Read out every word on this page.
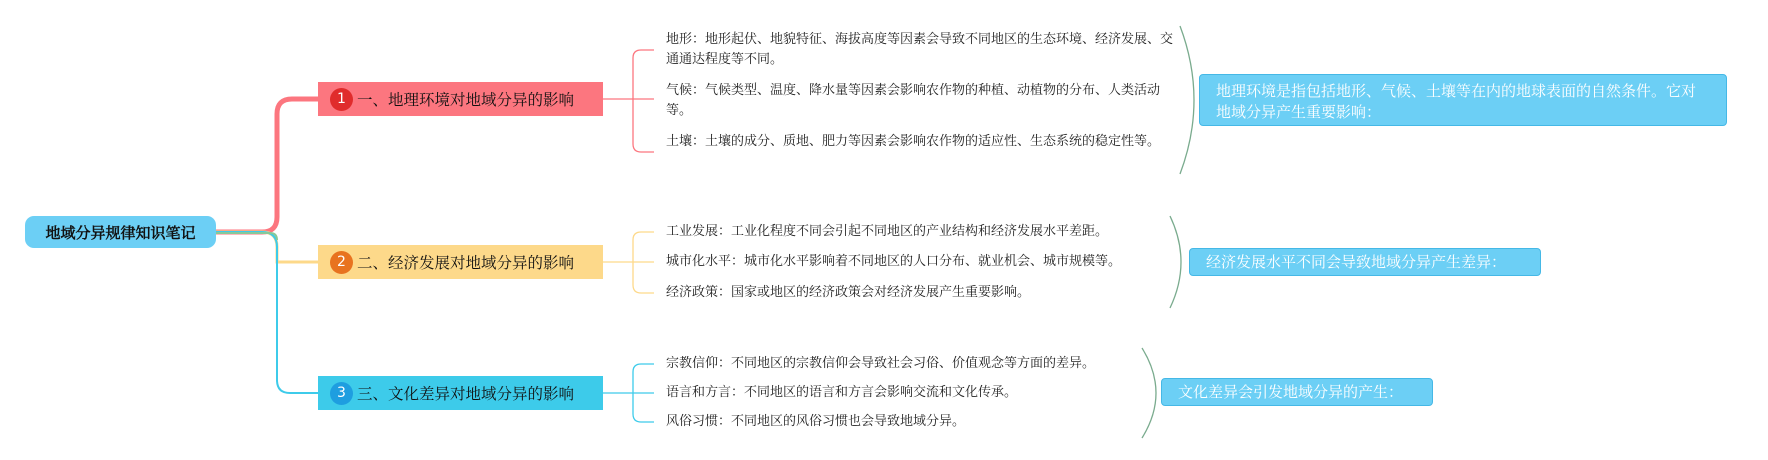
地域分异规律知识笔记
1 一、地理环境对地域分异的影响
地形：地形起伏、地貌特征、海拔高度等因素会导致不同地区的生态环境、经济发展、交通通达程度等不同。
气候：气候类型、温度、降水量等因素会影响农作物的种植、动植物的分布、人类活动等。
土壤：土壤的成分、质地、肥力等因素会影响农作物的适应性、生态系统的稳定性等。
地理环境是指包括地形、气候、土壤等在内的地球表面的自然条件。它对地域分异产生重要影响：
2 二、经济发展对地域分异的影响
工业发展：工业化程度不同会引起不同地区的产业结构和经济发展水平差距。
城市化水平：城市化水平影响着不同地区的人口分布、就业机会、城市规模等。
经济政策：国家或地区的经济政策会对经济发展产生重要影响。
经济发展水平不同会导致地域分异产生差异：
3 三、文化差异对地域分异的影响
宗教信仰：不同地区的宗教信仰会导致社会习俗、价值观念等方面的差异。
语言和方言：不同地区的语言和方言会影响交流和文化传承。
风俗习惯：不同地区的风俗习惯也会导致地域分异。
文化差异会引发地域分异的产生：
